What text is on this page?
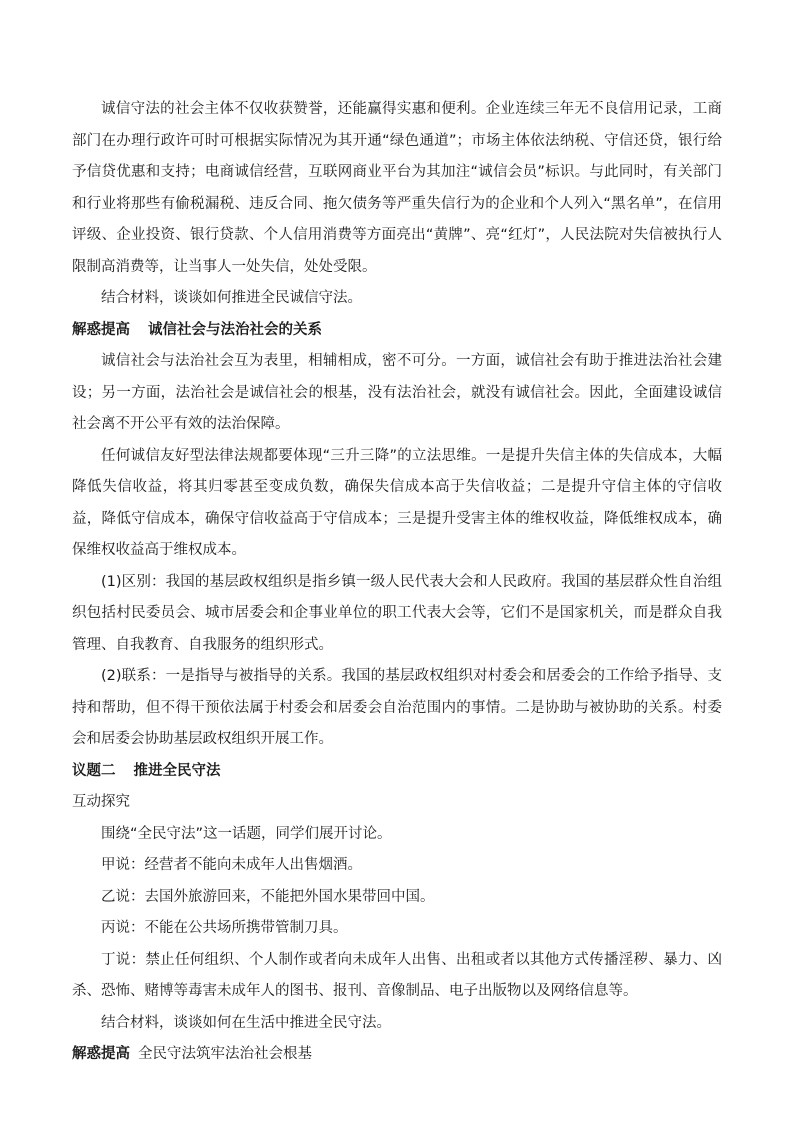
诚信守法的社会主体不仅收获赞誉，还能赢得实惠和便利。企业连续三年无不良信用记录，工商部门在办理行政许可时可根据实际情况为其开通“绿色通道”；市场主体依法纳税、守信还贷，银行给予信贷优惠和支持；电商诚信经营，互联网商业平台为其加注“诚信会员”标识。与此同时，有关部门和行业将那些有偷税漏税、违反合同、拖欠债务等严重失信行为的企业和个人列入“黑名单”，在信用评级、企业投资、银行贷款、个人信用消费等方面亮出“黄牌”、亮“红灯”，人民法院对失信被执行人限制高消费等，让当事人一处失信，处处受限。

结合材料，谈谈如何推进全民诚信守法。

解惑提高 诚信社会与法治社会的关系

诚信社会与法治社会互为表里，相辅相成，密不可分。一方面，诚信社会有助于推进法治社会建设；另一方面，法治社会是诚信社会的根基，没有法治社会，就没有诚信社会。因此，全面建设诚信社会离不开公平有效的法治保障。

任何诚信友好型法律法规都要体现“三升三降”的立法思维。一是提升失信主体的失信成本，大幅降低失信收益，将其归零甚至变成负数，确保失信成本高于失信收益；二是提升守信主体的守信收益，降低守信成本，确保守信收益高于守信成本；三是提升受害主体的维权收益，降低维权成本，确保维权收益高于维权成本。

(1)区别：我国的基层政权组织是指乡镇一级人民代表大会和人民政府。我国的基层群众性自治组织包括村民委员会、城市居委会和企事业单位的职工代表大会等，它们不是国家机关，而是群众自我管理、自我教育、自我服务的组织形式。

(2)联系：一是指导与被指导的关系。我国的基层政权组织对村委会和居委会的工作给予指导、支持和帮助，但不得干预依法属于村委会和居委会自治范围内的事情。二是协助与被协助的关系。村委会和居委会协助基层政权组织开展工作。

议题二 推进全民守法

互动探究

围绕“全民守法”这一话题，同学们展开讨论。

甲说：经营者不能向未成年人出售烟酒。

乙说：去国外旅游回来，不能把外国水果带回中国。

丙说：不能在公共场所携带管制刀具。

丁说：禁止任何组织、个人制作或者向未成年人出售、出租或者以其他方式传播淫秽、暴力、凶杀、恐怖、赌博等毒害未成年人的图书、报刊、音像制品、电子出版物以及网络信息等。

结合材料，谈谈如何在生活中推进全民守法。

解惑提高 全民守法筑牢法治社会根基
